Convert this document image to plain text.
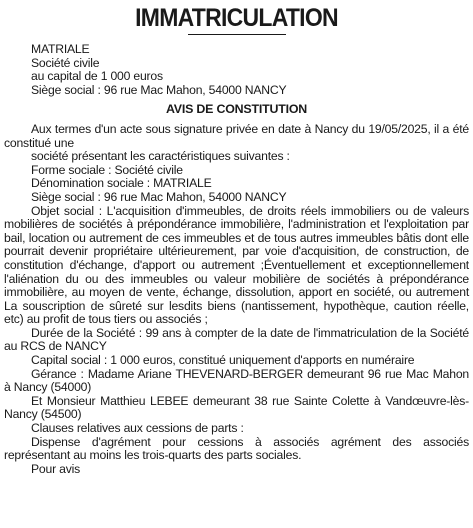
IMMATRICULATION

MATRIALE

Société civile

au capital de 1 000 euros

Siège social : 96 rue Mac Mahon, 54000 NANCY

AVIS DE CONSTITUTION

Aux termes d'un acte sous signature privée en date à Nancy du 19/05/2025, il a été constitué une

société présentant les caractéristiques suivantes :

Forme sociale : Société civile

Dénomination sociale : MATRIALE

Siège social : 96 rue Mac Mahon, 54000 NANCY

Objet social : L'acquisition d'immeubles, de droits réels immobiliers ou de valeurs mobilières de sociétés à prépondérance immobilière, l'administration et l'exploitation par bail, location ou autrement de ces immeubles et de tous autres immeubles bâtis dont elle pourrait devenir propriétaire ultérieurement, par voie d'acquisition, de construction, de constitution d'échange, d'apport ou autrement ;Éventuellement et exceptionnellement l'aliénation du ou des immeubles ou valeur mobilière de sociétés à prépondérance immobilière, au moyen de vente, échange, dissolution, apport en société, ou autrement La souscription de sûreté sur lesdits biens (nantissement, hypothèque, caution réelle, etc) au profit de tous tiers ou associés ;

Durée de la Société : 99 ans à compter de la date de l'immatriculation de la Société au RCS de NANCY

Capital social : 1 000 euros, constitué uniquement d'apports en numéraire

Gérance : Madame Ariane THEVENARD-BERGER demeurant 96 rue Mac Mahon à Nancy (54000)

Et Monsieur Matthieu LEBEE demeurant 38 rue Sainte Colette à Vandœuvre-lès-Nancy (54500)

Clauses relatives aux cessions de parts :

Dispense d'agrément pour cessions à associés agrément des associés représentant au moins les trois-quarts des parts sociales.

Pour avis
